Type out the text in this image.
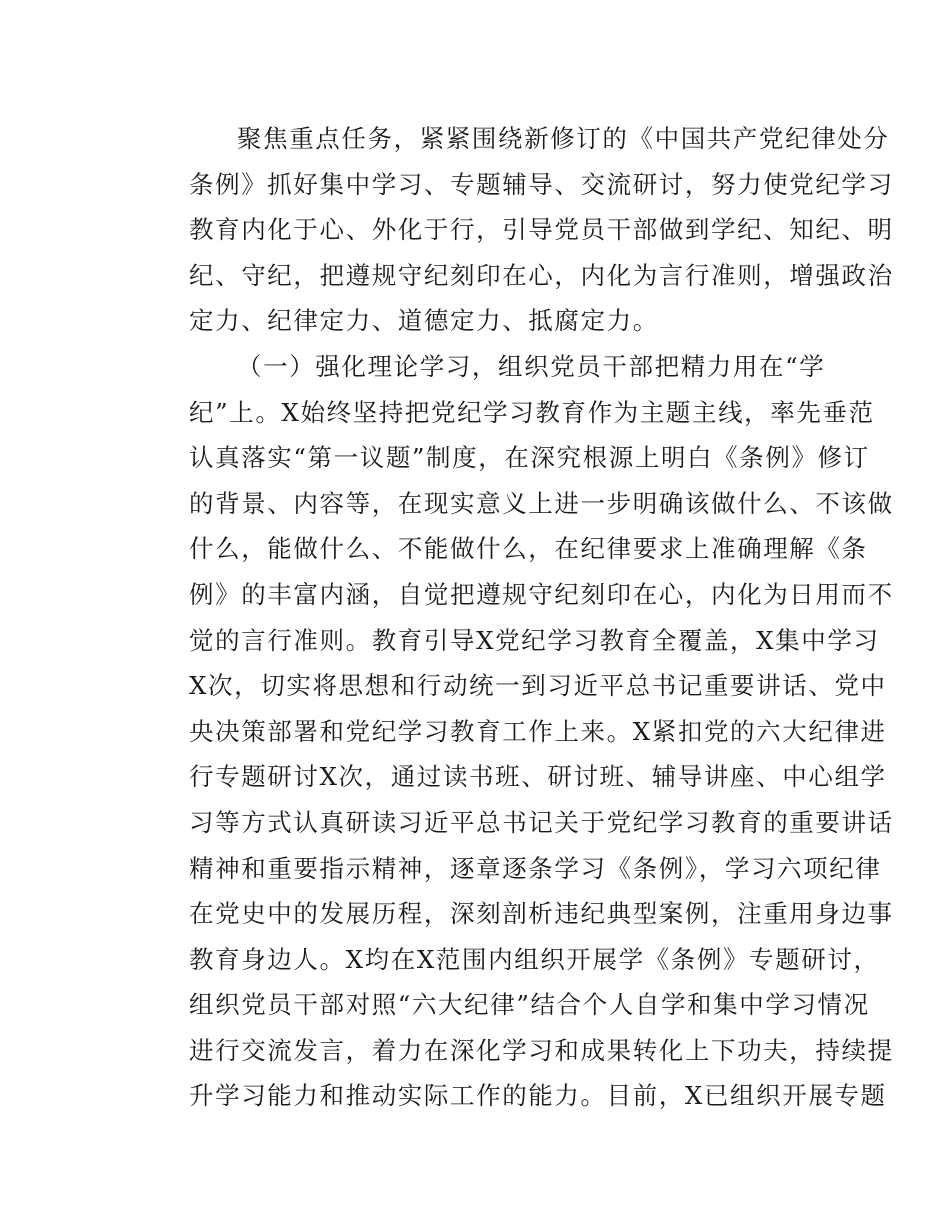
聚焦重点任务，紧紧围绕新修订的《中国共产党纪律处分
条例》抓好集中学习、专题辅导、交流研讨，努力使党纪学习
教育内化于心、外化于行，引导党员干部做到学纪、知纪、明
纪、守纪，把遵规守纪刻印在心，内化为言行准则，增强政治
定力、纪律定力、道德定力、抵腐定力。
（一）强化理论学习，组织党员干部把精力用在“学
纪”上。X始终坚持把党纪学习教育作为主题主线，率先垂范
认真落实“第一议题”制度，在深究根源上明白《条例》修订
的背景、内容等，在现实意义上进一步明确该做什么、不该做
什么，能做什么、不能做什么，在纪律要求上准确理解《条
例》的丰富内涵，自觉把遵规守纪刻印在心，内化为日用而不
觉的言行准则。教育引导X党纪学习教育全覆盖，X集中学习
X次，切实将思想和行动统一到习近平总书记重要讲话、党中
央决策部署和党纪学习教育工作上来。X紧扣党的六大纪律进
行专题研讨X次，通过读书班、研讨班、辅导讲座、中心组学
习等方式认真研读习近平总书记关于党纪学习教育的重要讲话
精神和重要指示精神，逐章逐条学习《条例》，学习六项纪律
在党史中的发展历程，深刻剖析违纪典型案例，注重用身边事
教育身边人。X均在X范围内组织开展学《条例》专题研讨，
组织党员干部对照“六大纪律”结合个人自学和集中学习情况
进行交流发言，着力在深化学习和成果转化上下功夫，持续提
升学习能力和推动实际工作的能力。目前，X已组织开展专题
